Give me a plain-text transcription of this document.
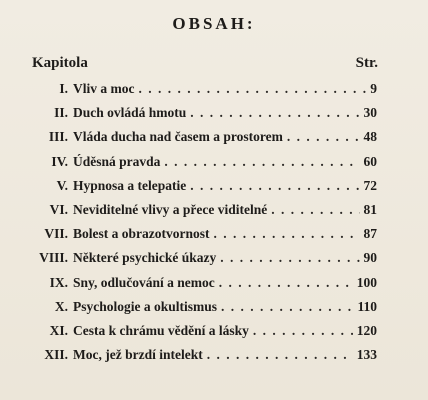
OBSAH:
Kapitola	Str.
I. Vliv a moc . . .	9
II. Duch ovládá hmotu . . .	30
III. Vláda ducha nad časem a prostorem . . .	48
IV. Úděsná pravda . . .	60
V. Hypnosa a telepatie . . .	72
VI. Neviditelné vlivy a přece viditelné . . .	81
VII. Bolest a obrazotvornost . . .	87
VIII. Některé psychické úkazy . . .	90
IX. Sny, odlučování a nemoc . . .	100
X. Psychologie a okultismus . . .	110
XI. Cesta k chrámu vědění a lásky . . .	120
XII. Moc, jež brzdí intelekt . . .	133
